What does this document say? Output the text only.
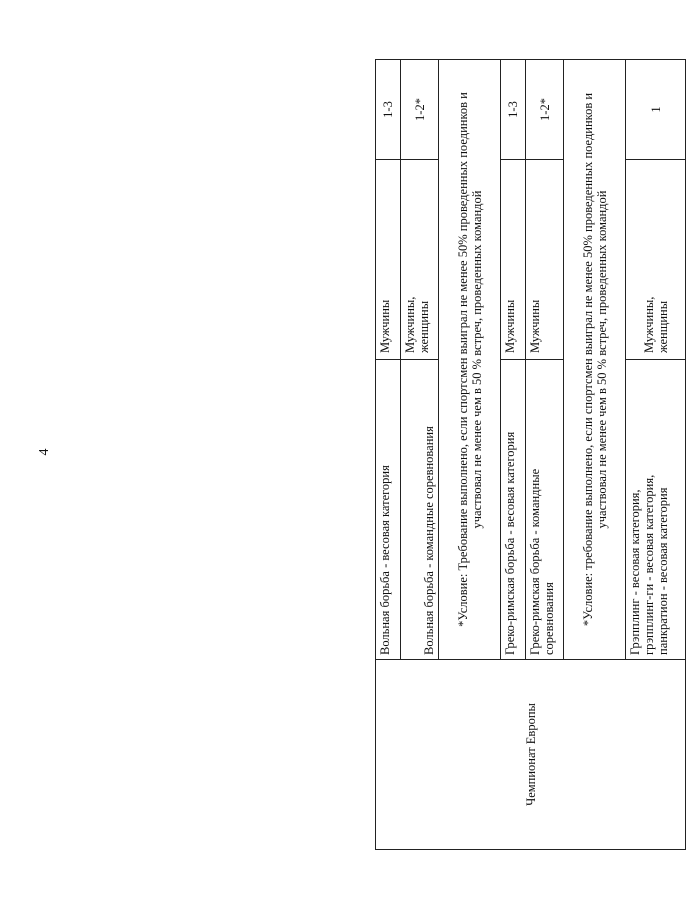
4
Чемпионат Европы	Вольная борьба - весовая категория	Мужчины	1-3
	Вольная борьба - командные соревнования	Мужчины, женщины	1-2*
	*Условие: Требование выполнено, если спортсмен выиграл не менее 50% проведенных поединков и участвовал не менее чем в 50 % встреч, проведенных командой		
	Греко-римская борьба - весовая категория	Мужчины	1-3

	Греко-римская борьба - командные соревнования	Мужчины	1-2*
	*Условие: требование выполнено, если спортсмен выиграл не менее 50% проведенных поединков и участвовал не менее чем в 50 % встреч, проведенных командой		

	Грэпплинг - весовая категория, грэпплинг-ги - весовая категория, панкратион - весовая категория	Мужчины, женщины	1
